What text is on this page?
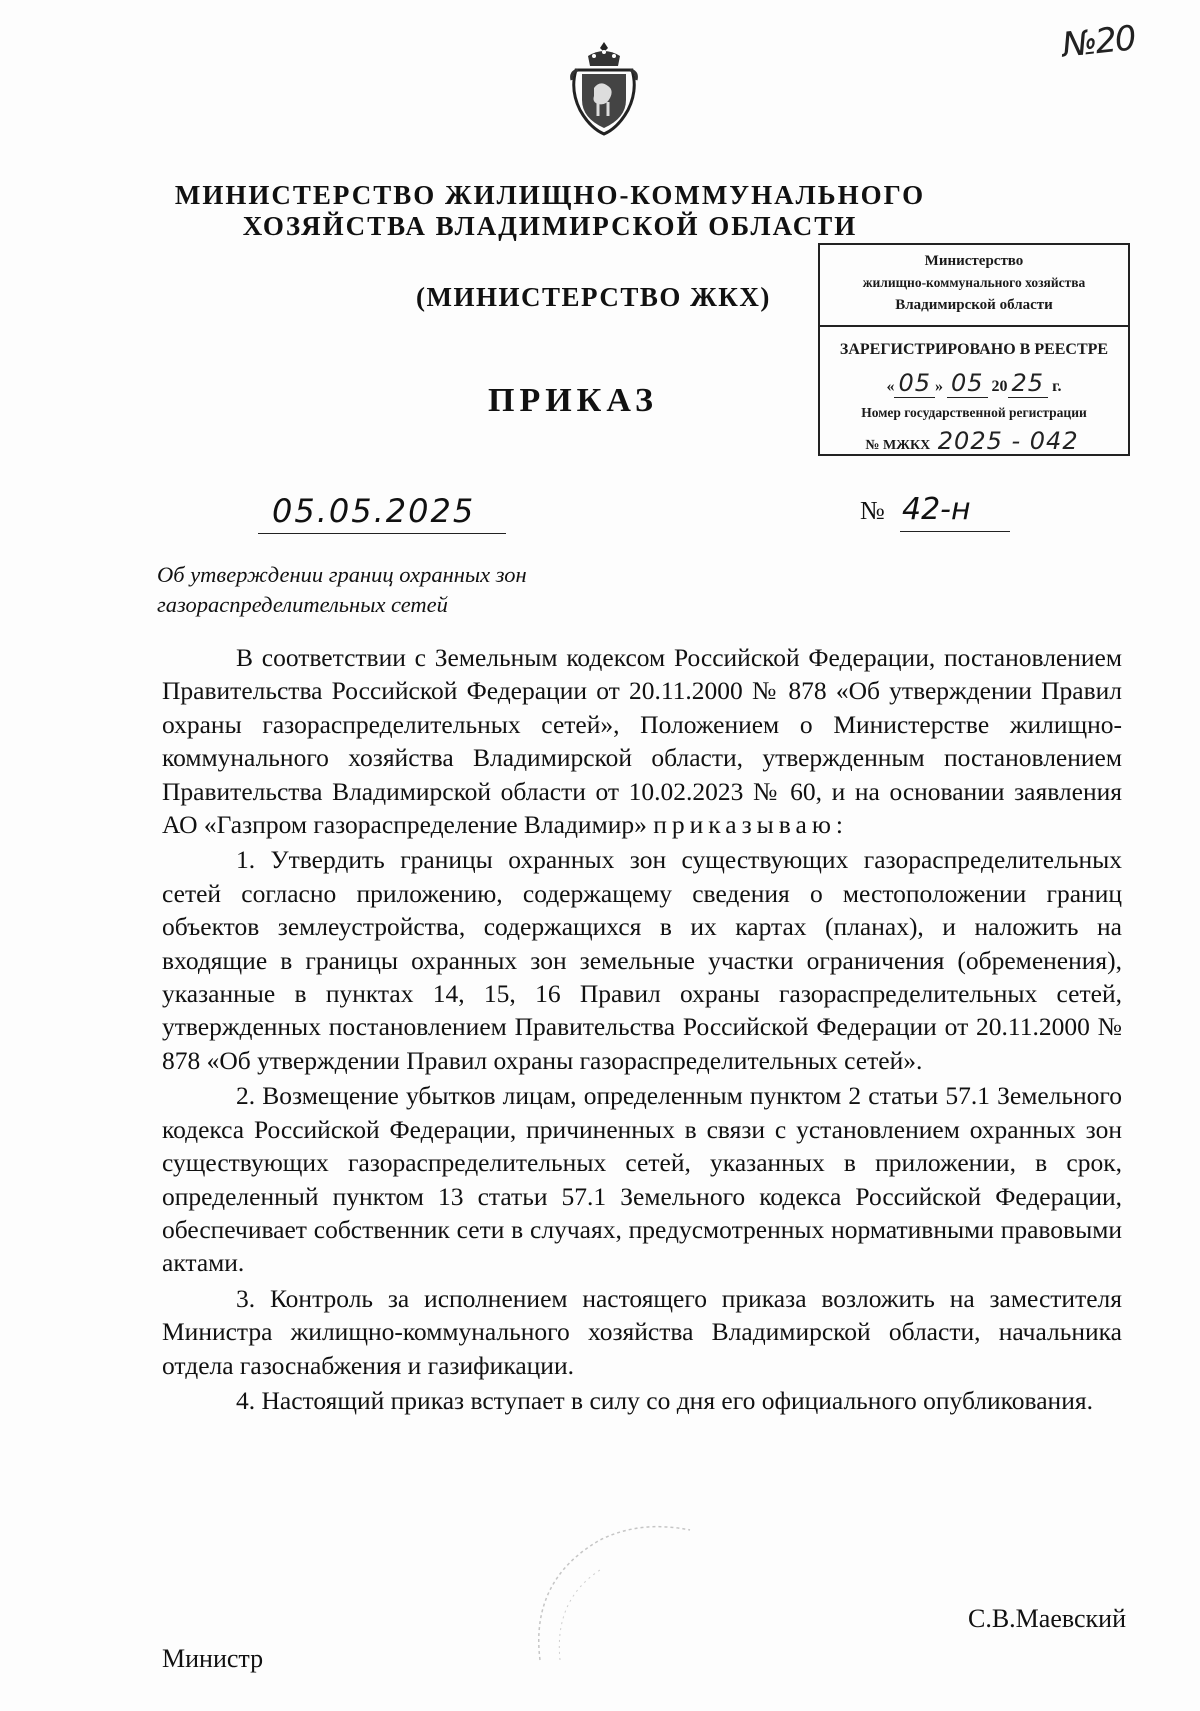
№20
МИНИСТЕРСТВО ЖИЛИЩНО-КОММУНАЛЬНОГО
ХОЗЯЙСТВА ВЛАДИМИРСКОЙ ОБЛАСТИ
(МИНИСТЕРСТВО ЖКХ)
ПРИКАЗ
Министерство
жилищно-коммунального хозяйства
Владимирской области
ЗАРЕГИСТРИРОВАНО В РЕЕСТРЕ
« 05 » 05 20 25 г.
Номер государственной регистрации
№ МЖКХ 2025 - 042
05.05.2025	№ 42-н
Об утверждении границ охранных зон
газораспределительных сетей

В соответствии с Земельным кодексом Российской Федерации, постановлением Правительства Российской Федерации от 20.11.2000 № 878 «Об утверждении Правил охраны газораспределительных сетей», Положением о Министерстве жилищно-коммунального хозяйства Владимирской области, утвержденным постановлением Правительства Владимирской области от 10.02.2023 № 60, и на основании заявления АО «Газпром газораспределение Владимир» приказываю:

1. Утвердить границы охранных зон существующих газораспределительных сетей согласно приложению, содержащему сведения о местоположении границ объектов землеустройства, содержащихся в их картах (планах), и наложить на входящие в границы охранных зон земельные участки ограничения (обременения), указанные в пунктах 14, 15, 16 Правил охраны газораспределительных сетей, утвержденных постановлением Правительства Российской Федерации от 20.11.2000 № 878 «Об утверждении Правил охраны газораспределительных сетей».

2. Возмещение убытков лицам, определенным пунктом 2 статьи 57.1 Земельного кодекса Российской Федерации, причиненных в связи с установлением охранных зон существующих газораспределительных сетей, указанных в приложении, в срок, определенный пунктом 13 статьи 57.1 Земельного кодекса Российской Федерации, обеспечивает собственник сети в случаях, предусмотренных нормативными правовыми актами.

3. Контроль за исполнением настоящего приказа возложить на заместителя Министра жилищно-коммунального хозяйства Владимирской области, начальника отдела газоснабжения и газификации.

4. Настоящий приказ вступает в силу со дня его официального опубликования.

Министр
С.В.Маевский
